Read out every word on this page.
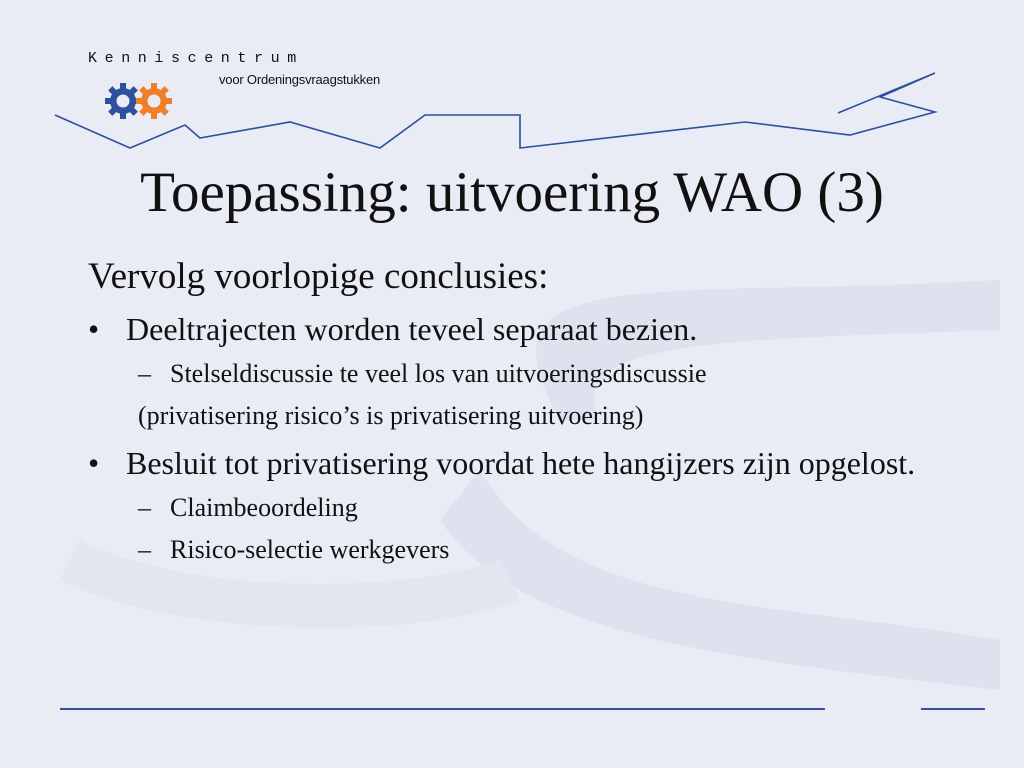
Kenniscentrum
voor Ordeningsvraagstukken
Toepassing: uitvoering WAO (3)

Vervolg voorlopige conclusies:

• Deeltrajecten worden teveel separaat bezien.
– Stelseldiscussie te veel los van uitvoeringsdiscussie
(privatisering risico’s is privatisering uitvoering)
• Besluit tot privatisering voordat hete hangijzers zijn opgelost.
– Claimbeoordeling
– Risico-selectie werkgevers
